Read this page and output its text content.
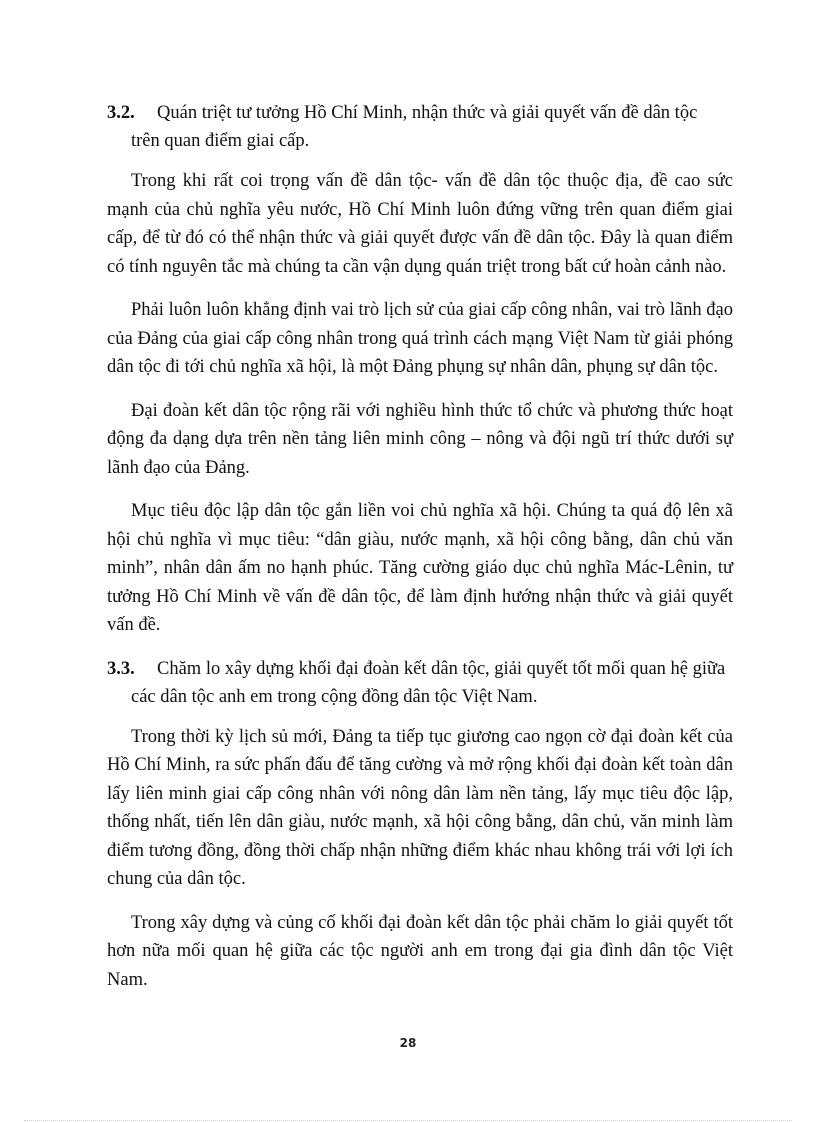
3.2.	Quán triệt tư tưởng Hồ Chí Minh, nhận thức và giải quyết vấn đề dân tộc
trên quan điểm giai cấp.

Trong khi rất coi trọng vấn đề dân tộc- vấn đề dân tộc thuộc địa, đề cao sức mạnh của chủ nghĩa yêu nước, Hồ Chí Minh luôn đứng vững trên quan điểm giai cấp, để từ đó có thể nhận thức và giải quyết được vấn đề dân tộc. Đây là quan điểm có tính nguyên tắc mà chúng ta cần vận dụng quán triệt trong bất cứ hoàn cảnh nào.

Phải luôn luôn khẳng định vai trò lịch sử của giai cấp công nhân, vai trò lãnh đạo của Đảng của giai cấp công nhân trong quá trình cách mạng Việt Nam từ giải phóng dân tộc đi tới chủ nghĩa xã hội, là một Đảng phụng sự nhân dân, phụng sự dân tộc.

Đại đoàn kết dân tộc rộng rãi với nghiều hình thức tổ chức và phương thức hoạt động đa dạng dựa trên nền tảng liên minh công – nông và đội ngũ trí thức dưới sự lãnh đạo của Đảng.

Mục tiêu độc lập dân tộc gắn liền voi chủ nghĩa xã hội. Chúng ta quá độ lên xã hội chủ nghĩa vì mục tiêu: “dân giàu, nước mạnh, xã hội công bằng, dân chủ văn minh”, nhân dân ấm no hạnh phúc. Tăng cường giáo dục chủ nghĩa Mác-Lênin, tư tưởng Hồ Chí Minh về vấn đề dân tộc, để làm định hướng nhận thức và giải quyết vấn đề.

3.3.	Chăm lo xây dựng khối đại đoàn kết dân tộc, giải quyết tốt mối quan hệ giữa
các dân tộc anh em trong cộng đồng dân tộc Việt Nam.

Trong thời kỳ lịch sủ mới, Đảng ta tiếp tục giương cao ngọn cờ đại đoàn kết của Hồ Chí Minh, ra sức phấn đấu để tăng cường và mở rộng khối đại đoàn kết toàn dân lấy liên minh giai cấp công nhân với nông dân làm nền tảng, lấy mục tiêu độc lập, thống nhất, tiến lên dân giàu, nước mạnh, xã hội công bằng, dân chủ, văn minh làm điểm tương đồng, đồng thời chấp nhận những điểm khác nhau không trái với lợi ích chung của dân tộc.

Trong xây dựng và củng cố khối đại đoàn kết dân tộc phải chăm lo giải quyết tốt hơn nữa mối quan hệ giữa các tộc người anh em trong đại gia đình dân tộc Việt Nam.

28
